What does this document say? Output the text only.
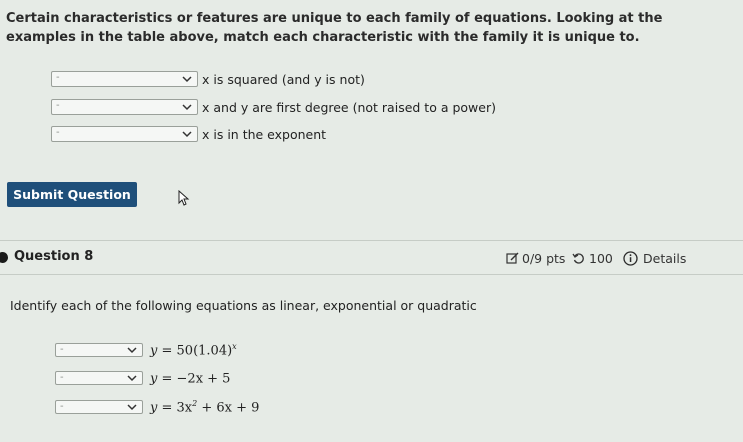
Certain characteristics or features are unique to each family of equations. Looking at the examples in the table above, match each characteristic with the family it is unique to.
-	x is squared (and y is not)
-	x and y are first degree (not raised to a power)
-	x is in the exponent
Submit Question
Question 8	0/9 pts 100 Details
Identify each of the following equations as linear, exponential or quadratic
-	$y = 50(1.04)^x$
-	y = −2x + 5
-	$y = 3x^2 + 6x + 9$
